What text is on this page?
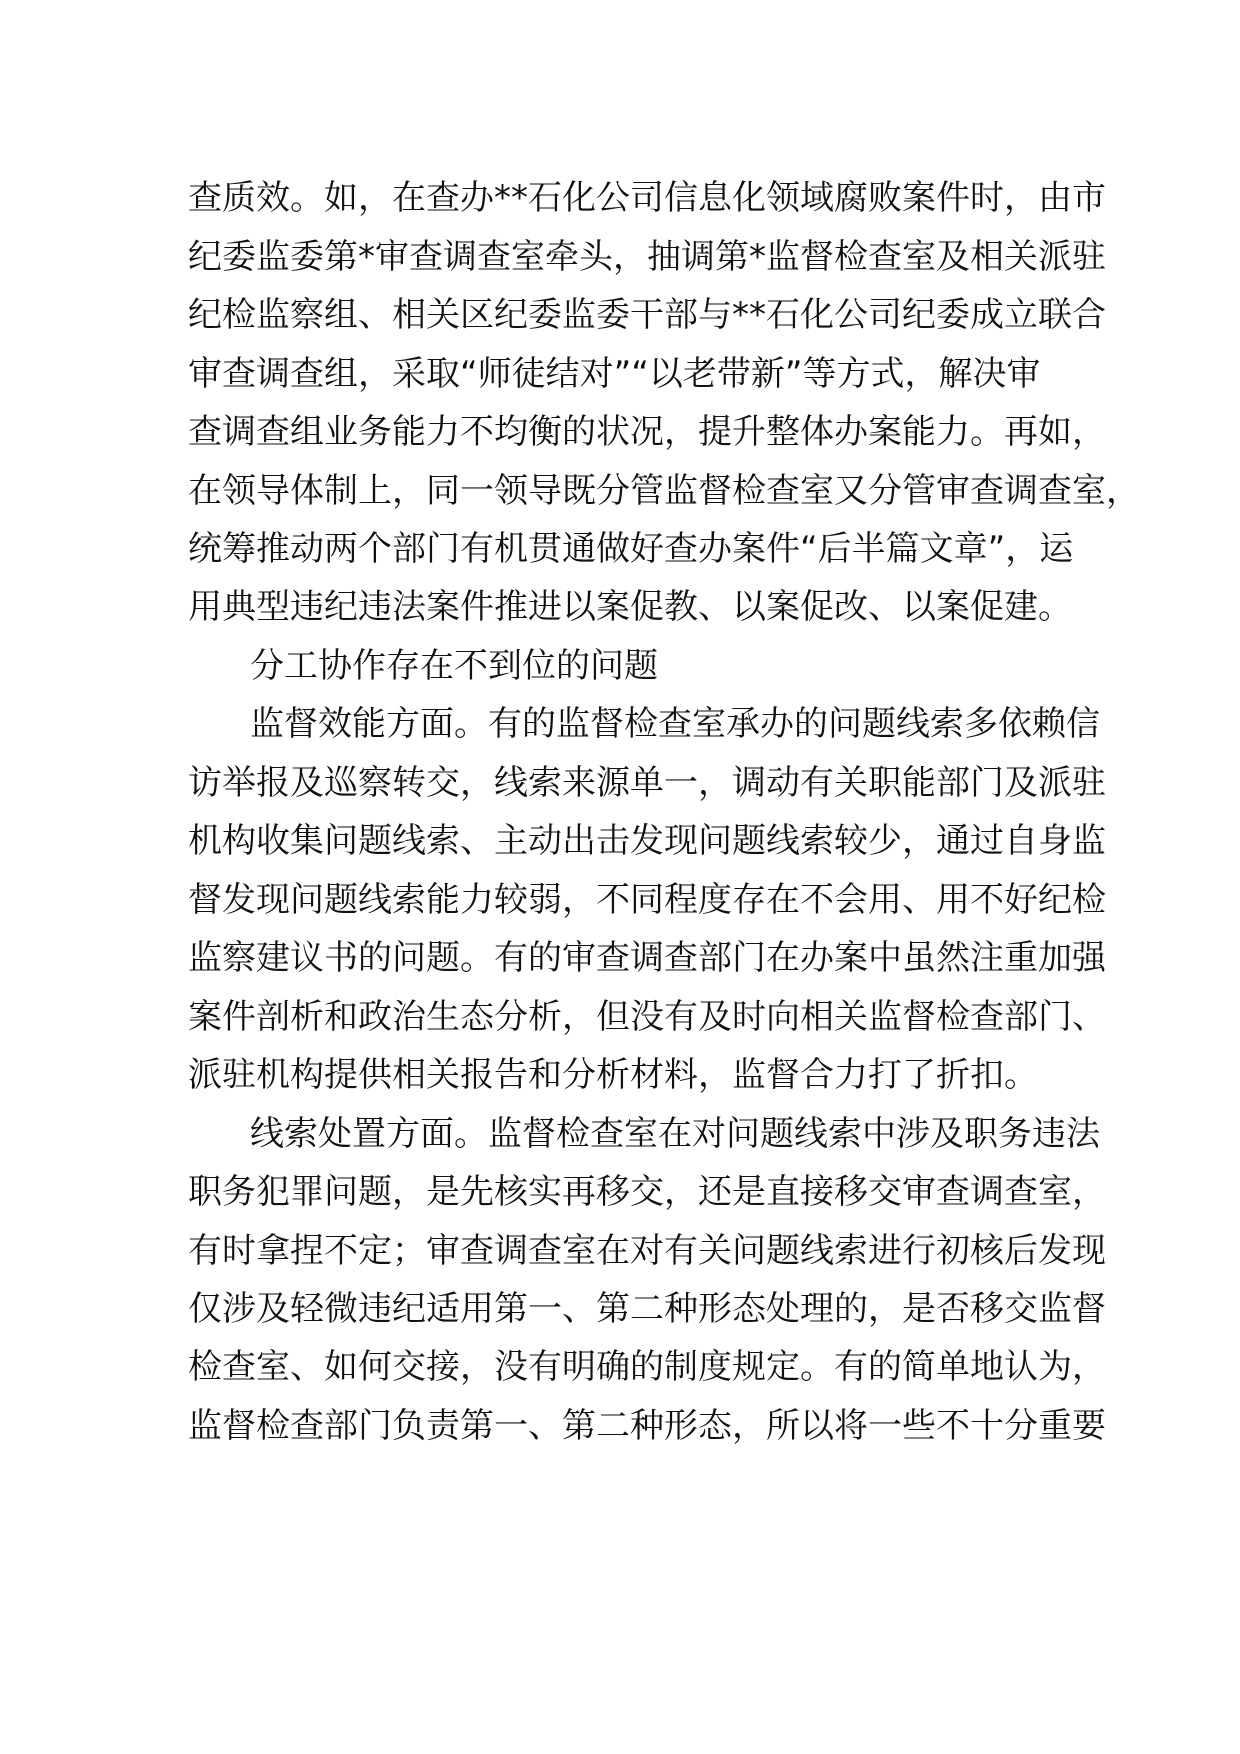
查质效。如，在查办**石化公司信息化领域腐败案件时，由市
纪委监委第*审查调查室牵头，抽调第*监督检查室及相关派驻
纪检监察组、相关区纪委监委干部与**石化公司纪委成立联合
审查调查组，采取“师徒结对”“以老带新”等方式，解决审
查调查组业务能力不均衡的状况，提升整体办案能力。再如，
在领导体制上，同一领导既分管监督检查室又分管审查调查室，
统筹推动两个部门有机贯通做好查办案件“后半篇文章”，运
用典型违纪违法案件推进以案促教、以案促改、以案促建。
分工协作存在不到位的问题
监督效能方面。有的监督检查室承办的问题线索多依赖信
访举报及巡察转交，线索来源单一，调动有关职能部门及派驻
机构收集问题线索、主动出击发现问题线索较少，通过自身监
督发现问题线索能力较弱，不同程度存在不会用、用不好纪检
监察建议书的问题。有的审查调查部门在办案中虽然注重加强
案件剖析和政治生态分析，但没有及时向相关监督检查部门、
派驻机构提供相关报告和分析材料，监督合力打了折扣。
线索处置方面。监督检查室在对问题线索中涉及职务违法
职务犯罪问题，是先核实再移交，还是直接移交审查调查室，
有时拿捏不定；审查调查室在对有关问题线索进行初核后发现
仅涉及轻微违纪适用第一、第二种形态处理的，是否移交监督
检查室、如何交接，没有明确的制度规定。有的简单地认为，
监督检查部门负责第一、第二种形态，所以将一些不十分重要
